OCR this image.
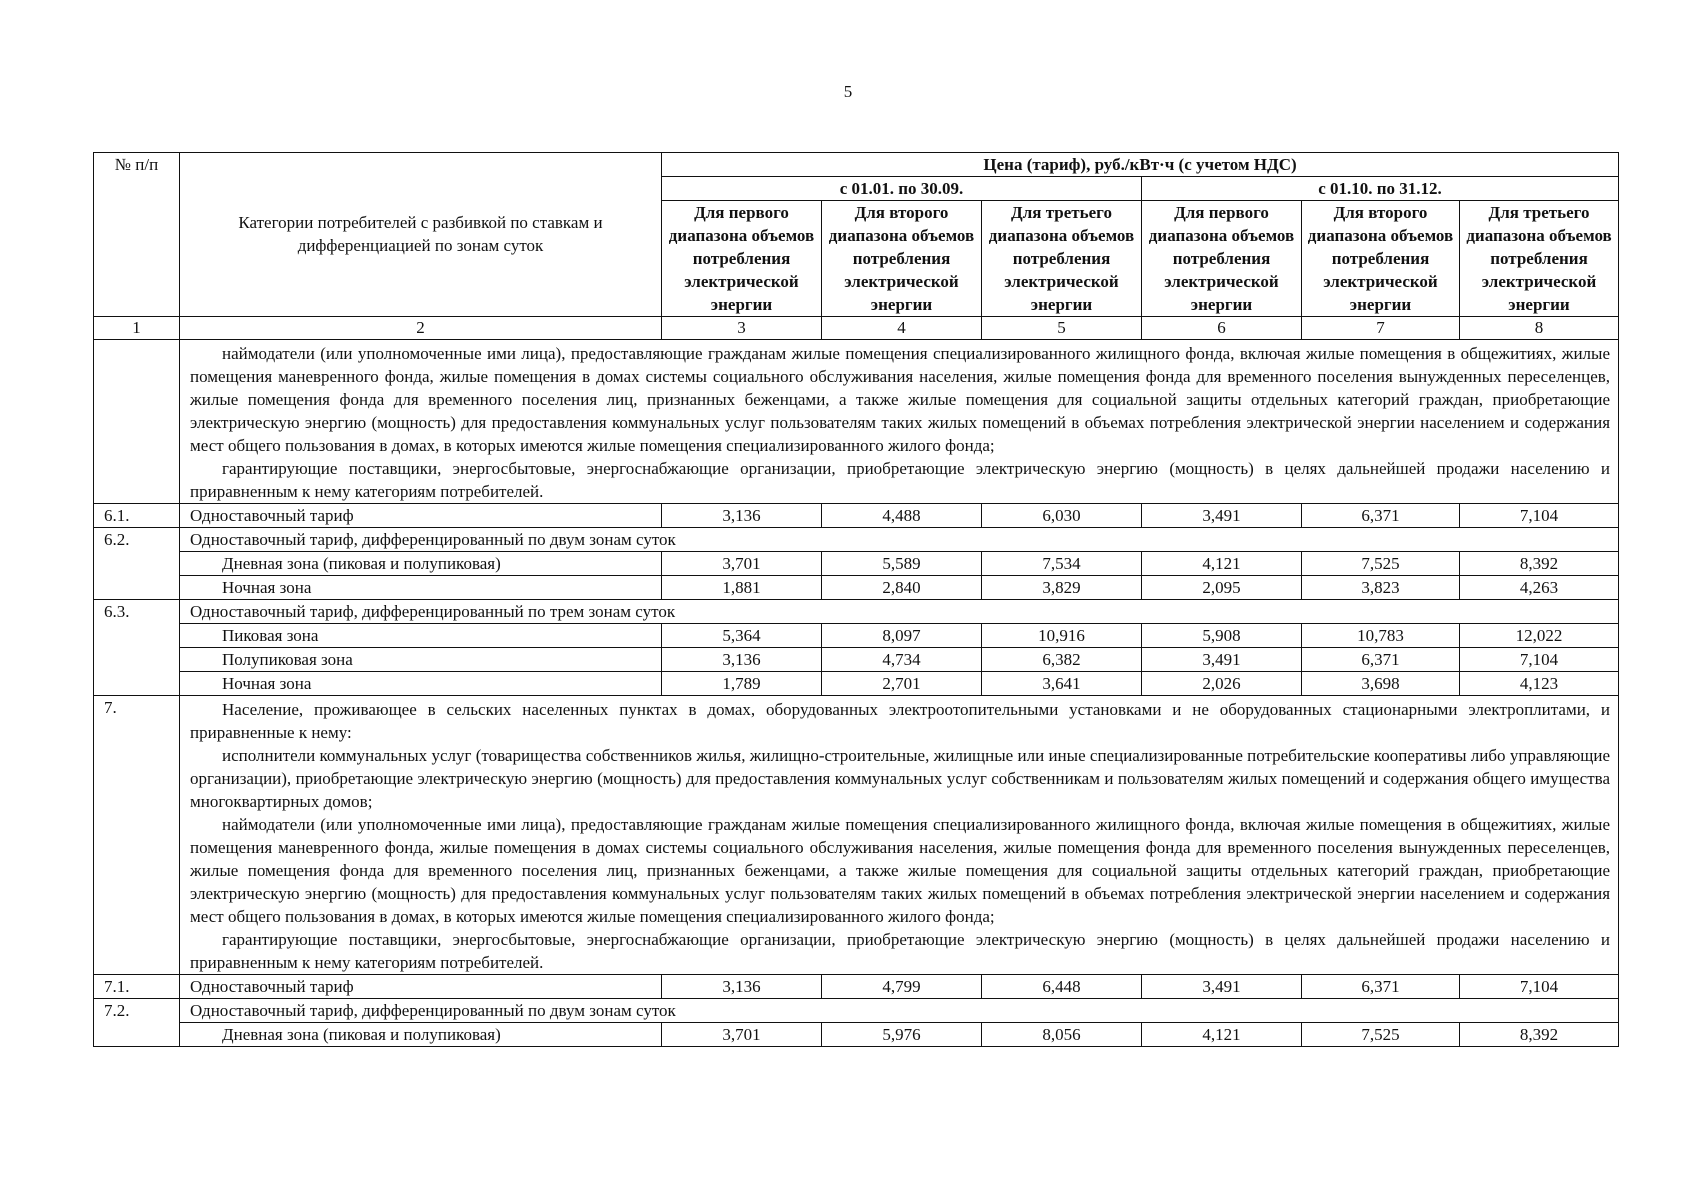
5
№ п/п	Категории потребителей с разбивкой по ставкам и дифференциацией по зонам суток	Цена (тариф), руб./кВт·ч (с учетом НДС)					
		с 01.01. по 30.09.			с 01.10. по 31.12.		
		Для первого диапазона объемов потребления электрической энергии	Для второго диапазона объемов потребления электрической энергии	Для третьего диапазона объемов потребления электрической энергии	Для первого диапазона объемов потребления электрической энергии	Для второго диапазона объемов потребления электрической энергии	Для третьего диапазона объемов потребления электрической энергии
1	2	3	4	5	6	7	8

	наймодатели (или уполномоченные ими лица), предоставляющие гражданам жилые помещения специализированного жилищного фонда, включая жилые помещения в общежитиях, жилые помещения маневренного фонда, жилые помещения в домах системы социального обслуживания населения, жилые помещения фонда для временного поселения вынужденных переселенцев, жилые помещения фонда для временного поселения лиц, признанных беженцами, а также жилые помещения для социальной защиты отдельных категорий граждан, приобретающие электрическую энергию (мощность) для предоставления коммунальных услуг пользователям таких жилых помещений в объемах потребления электрической энергии населением и содержания мест общего пользования в домах, в которых имеются жилые помещения специализированного жилого фонда;

гарантирующие поставщики, энергосбытовые, энергоснабжающие организации, приобретающие электрическую энергию (мощность) в целях дальнейшей продажи населению и приравненным к нему категориям потребителей.						

6.1.	Одноставочный тариф	3,136	4,488	6,030	3,491	6,371	7,104
6.2.	Одноставочный тариф, дифференцированный по двум зонам суток						
	Дневная зона (пиковая и полупиковая)	3,701	5,589	7,534	4,121	7,525	8,392
	Ночная зона	1,881	2,840	3,829	2,095	3,823	4,263
6.3.	Одноставочный тариф, дифференцированный по трем зонам суток						
	Пиковая зона	5,364	8,097	10,916	5,908	10,783	12,022
	Полупиковая зона	3,136	4,734	6,382	3,491	6,371	7,104
	Ночная зона	1,789	2,701	3,641	2,026	3,698	4,123
7.	Население, проживающее в сельских населенных пунктах в домах, оборудованных электроотопительными установками и не оборудованных стационарными электроплитами, и приравненные к нему:

исполнители коммунальных услуг (товарищества собственников жилья, жилищно-строительные, жилищные или иные специализированные потребительские кооперативы либо управляющие организации), приобретающие электрическую энергию (мощность) для предоставления коммунальных услуг собственникам и пользователям жилых помещений и содержания общего имущества многоквартирных домов;

наймодатели (или уполномоченные ими лица), предоставляющие гражданам жилые помещения специализированного жилищного фонда, включая жилые помещения в общежитиях, жилые помещения маневренного фонда, жилые помещения в домах системы социального обслуживания населения, жилые помещения фонда для временного поселения вынужденных переселенцев, жилые помещения фонда для временного поселения лиц, признанных беженцами, а также жилые помещения для социальной защиты отдельных категорий граждан, приобретающие электрическую энергию (мощность) для предоставления коммунальных услуг пользователям таких жилых помещений в объемах потребления электрической энергии населением и содержания мест общего пользования в домах, в которых имеются жилые помещения специализированного жилого фонда;

гарантирующие поставщики, энергосбытовые, энергоснабжающие организации, приобретающие электрическую энергию (мощность) в целях дальнейшей продажи населению и приравненным к нему категориям потребителей.						

7.1.	Одноставочный тариф	3,136	4,799	6,448	3,491	6,371	7,104
7.2.	Одноставочный тариф, дифференцированный по двум зонам суток						
	Дневная зона (пиковая и полупиковая)	3,701	5,976	8,056	4,121	7,525	8,392
